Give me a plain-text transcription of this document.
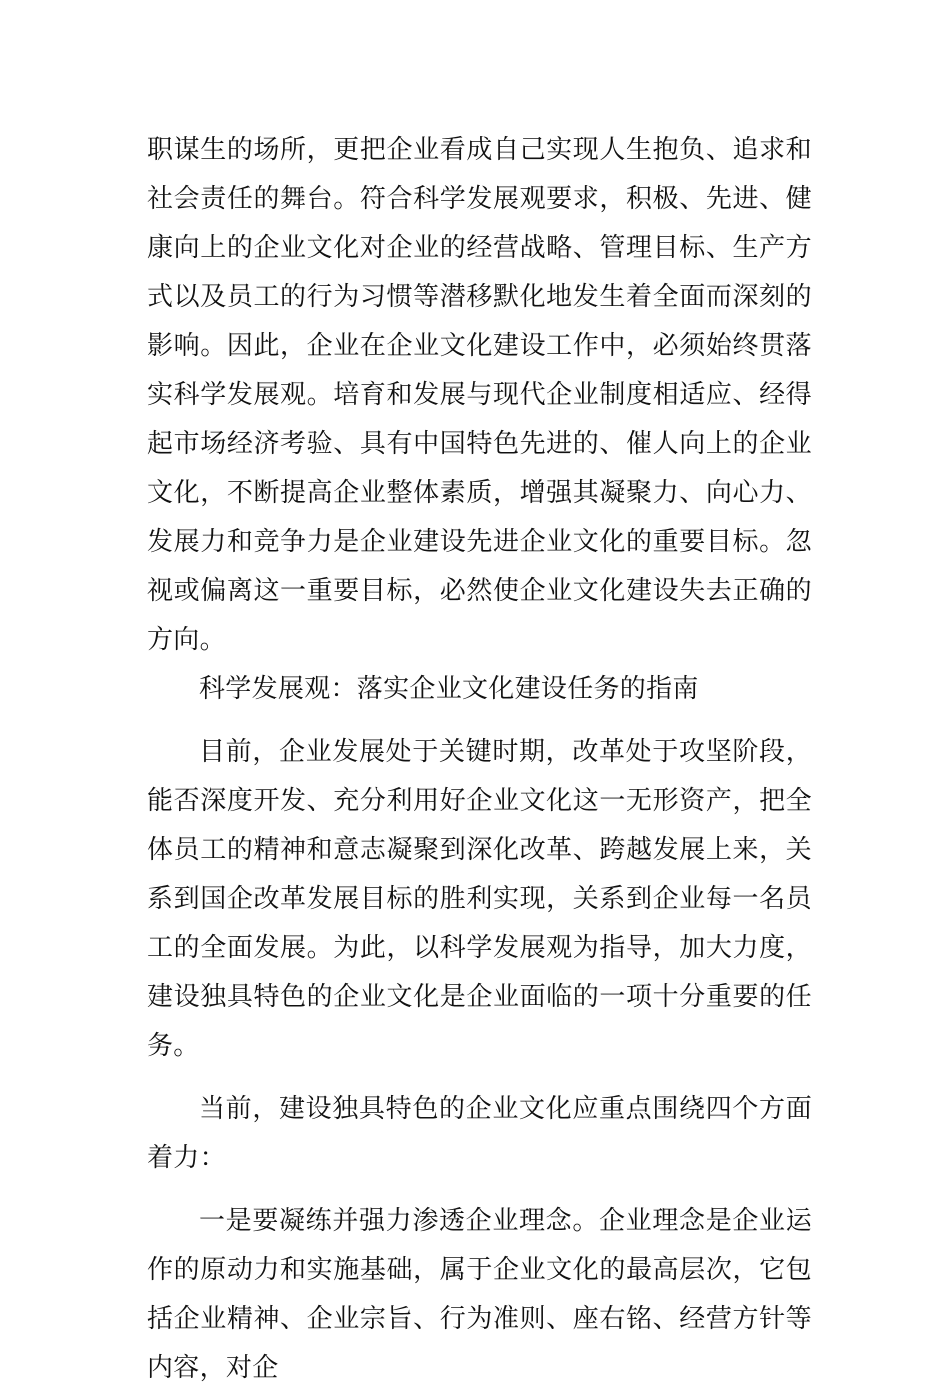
职谋生的场所，更把企业看成自己实现人生抱负、追求和社会责任的舞台。符合科学发展观要求，积极、先进、健康向上的企业文化对企业的经营战略、管理目标、生产方式以及员工的行为习惯等潜移默化地发生着全面而深刻的影响。因此，企业在企业文化建设工作中，必须始终贯落实科学发展观。培育和发展与现代企业制度相适应、经得起市场经济考验、具有中国特色先进的、催人向上的企业文化，不断提高企业整体素质，增强其凝聚力、向心力、发展力和竞争力是企业建设先进企业文化的重要目标。忽视或偏离这一重要目标，必然使企业文化建设失去正确的方向。

科学发展观：落实企业文化建设任务的指南

目前，企业发展处于关键时期，改革处于攻坚阶段，能否深度开发、充分利用好企业文化这一无形资产，把全体员工的精神和意志凝聚到深化改革、跨越发展上来，关系到国企改革发展目标的胜利实现，关系到企业每一名员工的全面发展。为此，以科学发展观为指导，加大力度，建设独具特色的企业文化是企业面临的一项十分重要的任务。

当前，建设独具特色的企业文化应重点围绕四个方面着力：

一是要凝练并强力渗透企业理念。企业理念是企业运作的原动力和实施基础，属于企业文化的最高层次，它包括企业精神、企业宗旨、行为准则、座右铭、经营方针等内容，对企
